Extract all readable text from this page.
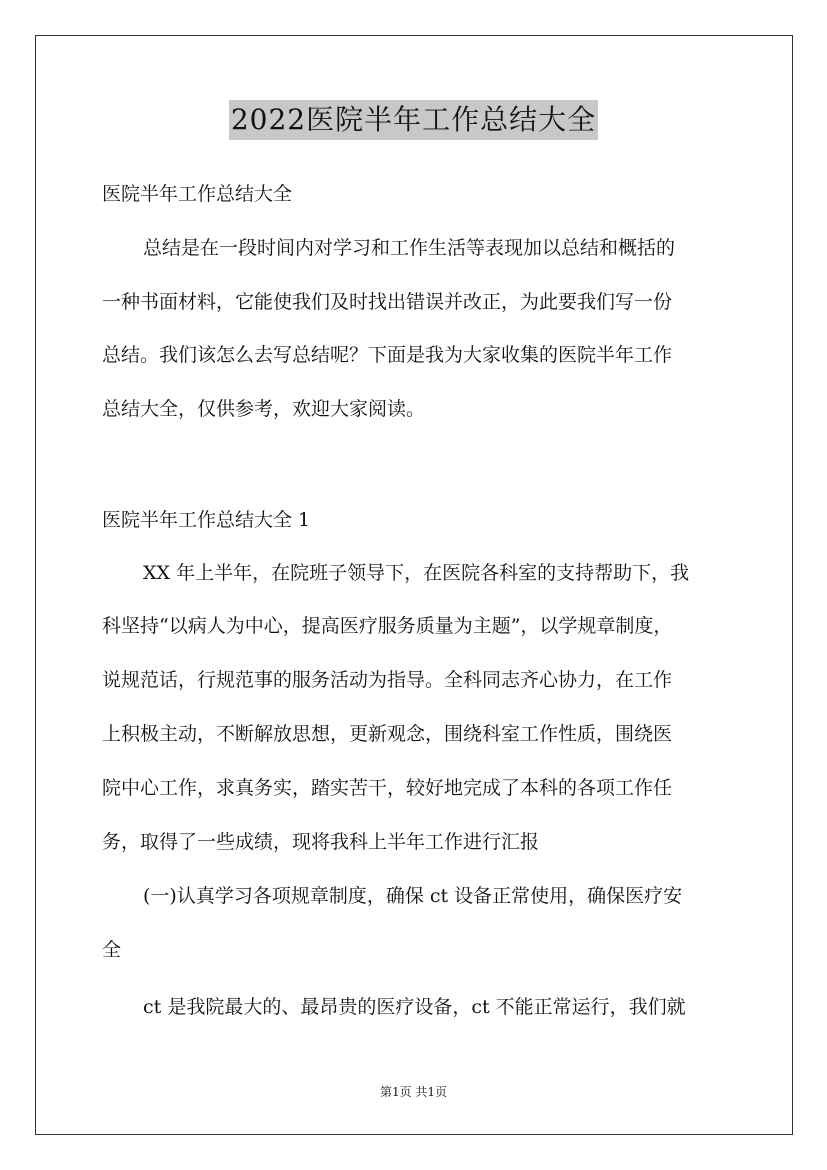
2022医院半年工作总结大全
医院半年工作总结大全
总结是在一段时间内对学习和工作生活等表现加以总结和概括的
一种书面材料，它能使我们及时找出错误并改正，为此要我们写一份
总结。我们该怎么去写总结呢？下面是我为大家收集的医院半年工作
总结大全，仅供参考，欢迎大家阅读。
医院半年工作总结大全 1
XX 年上半年，在院班子领导下，在医院各科室的支持帮助下，我
科坚持“以病人为中心，提高医疗服务质量为主题”，以学规章制度，
说规范话，行规范事的服务活动为指导。全科同志齐心协力，在工作
上积极主动，不断解放思想，更新观念，围绕科室工作性质，围绕医
院中心工作，求真务实，踏实苦干，较好地完成了本科的各项工作任
务，取得了一些成绩，现将我科上半年工作进行汇报
(一)认真学习各项规章制度，确保 ct 设备正常使用，确保医疗安
全
ct 是我院最大的、最昂贵的医疗设备，ct 不能正常运行，我们就
第1页 共1页
